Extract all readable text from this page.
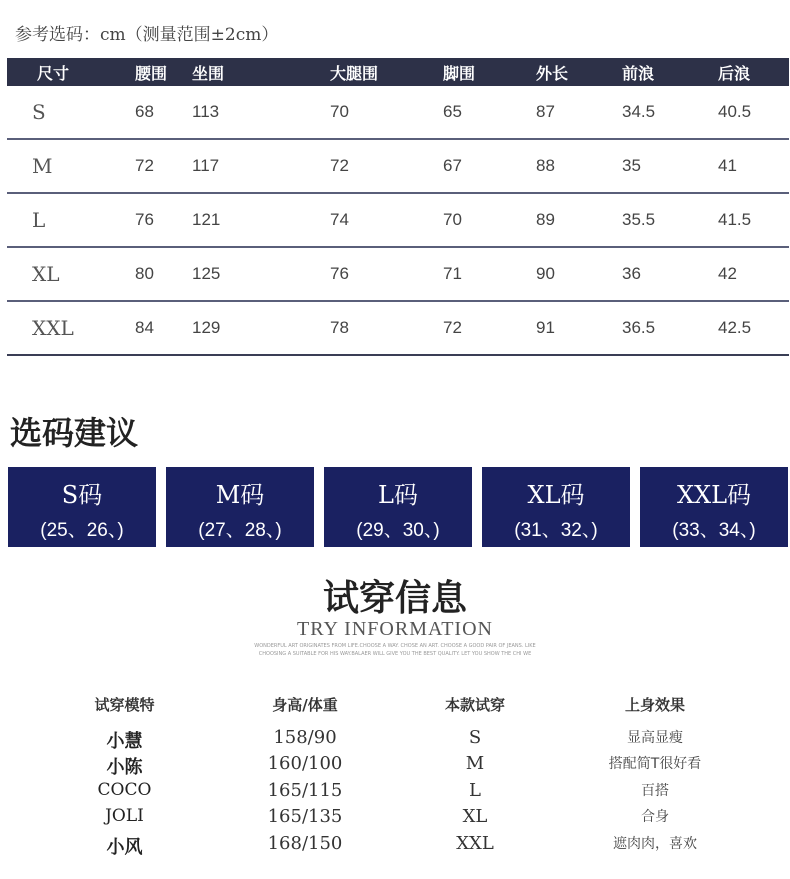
参考选码：cm（测量范围±2cm）
尺寸	腰围	坐围	大腿围	脚围	外长	前浪	后浪
S	68	113	70	65	87	34.5	40.5
M	72	117	72	67	88	35	41
L	76	121	74	70	89	35.5	41.5
XL	80	125	76	71	90	36	42
XXL	84	129	78	72	91	36.5	42.5
选码建议
S码
(25、26、)
M码
(27、28、)
L码
(29、30、)
XL码
(31、32、)
XXL码
(33、34、)
试穿信息
TRY INFORMATION
WONDERFUL ART ORIGINATES FROM LIFE.CHOOSE A WAY. CHOSE AN ART. CHOOSE A GOOD PAIR OF JEANS. LIKE
CHOOSING A SUITABLE FOR HIS WAY.BALAER WILL GIVE YOU THE BEST QUALITY. LET YOU SHOW THE CHI WE
试穿模特	身高/体重	本款试穿	上身效果
小慧	158/90	S	显高显瘦
小陈	160/100	M	搭配简T很好看
COCO	165/115	L	百搭
JOLI	165/135	XL	合身
小风	168/150	XXL	遮肉肉，喜欢
